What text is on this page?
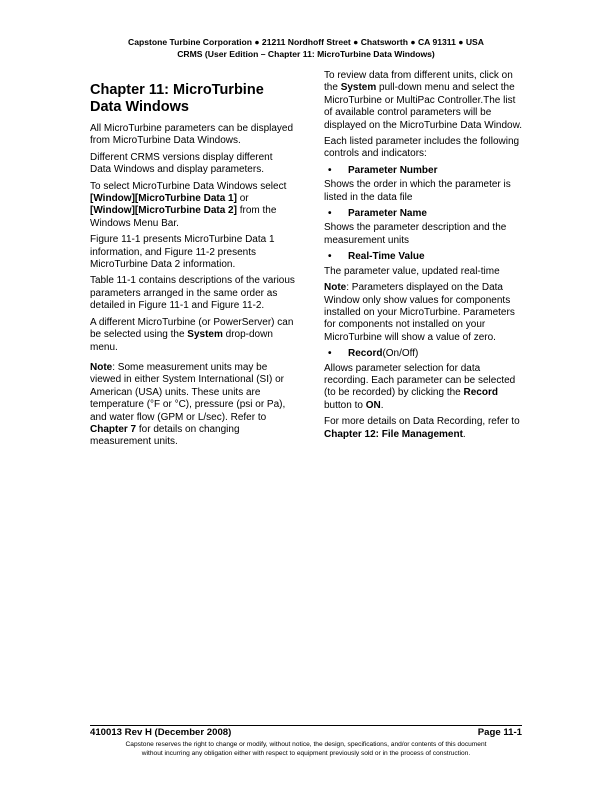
Capstone Turbine Corporation ● 21211 Nordhoff Street ● Chatsworth ● CA 91311 ● USA
CRMS (User Edition – Chapter 11: MicroTurbine Data Windows)
Chapter 11: MicroTurbine Data Windows

All MicroTurbine parameters can be displayed from MicroTurbine Data Windows.

Different CRMS versions display different Data Windows and display parameters.

To select MicroTurbine Data Windows select [Window][MicroTurbine Data 1] or [Window][MicroTurbine Data 2] from the Windows Menu Bar.

Figure 11-1 presents MicroTurbine Data 1 information, and Figure 11-2 presents MicroTurbine Data 2 information.

Table 11-1 contains descriptions of the various parameters arranged in the same order as detailed in Figure 11-1 and Figure 11-2.

A different MicroTurbine (or PowerServer) can be selected using the System drop-down menu.

Note: Some measurement units may be viewed in either System International (SI) or American (USA) units. These units are temperature (°F or °C), pressure (psi or Pa), and water flow (GPM or L/sec). Refer to Chapter 7 for details on changing measurement units.

To review data from different units, click on the System pull-down menu and select the MicroTurbine or MultiPac Controller.The list of available control parameters will be displayed on the MicroTurbine Data Window.

Each listed parameter includes the following controls and indicators:

•	Parameter Number

Shows the order in which the parameter is listed in the data file

•	Parameter Name

Shows the parameter description and the measurement units

•	Real-Time Value

The parameter value, updated real-time

Note: Parameters displayed on the Data Window only show values for components installed on your MicroTurbine. Parameters for components not installed on your MicroTurbine will show a value of zero.

•	Record (On/Off)

Allows parameter selection for data recording. Each parameter can be selected (to be recorded) by clicking the Record button to ON.

For more details on Data Recording, refer to Chapter 12: File Management.

410013 Rev H (December 2008)	Page 11-1
Capstone reserves the right to change or modify, without notice, the design, specifications, and/or contents of this document
without incurring any obligation either with respect to equipment previously sold or in the process of construction.
